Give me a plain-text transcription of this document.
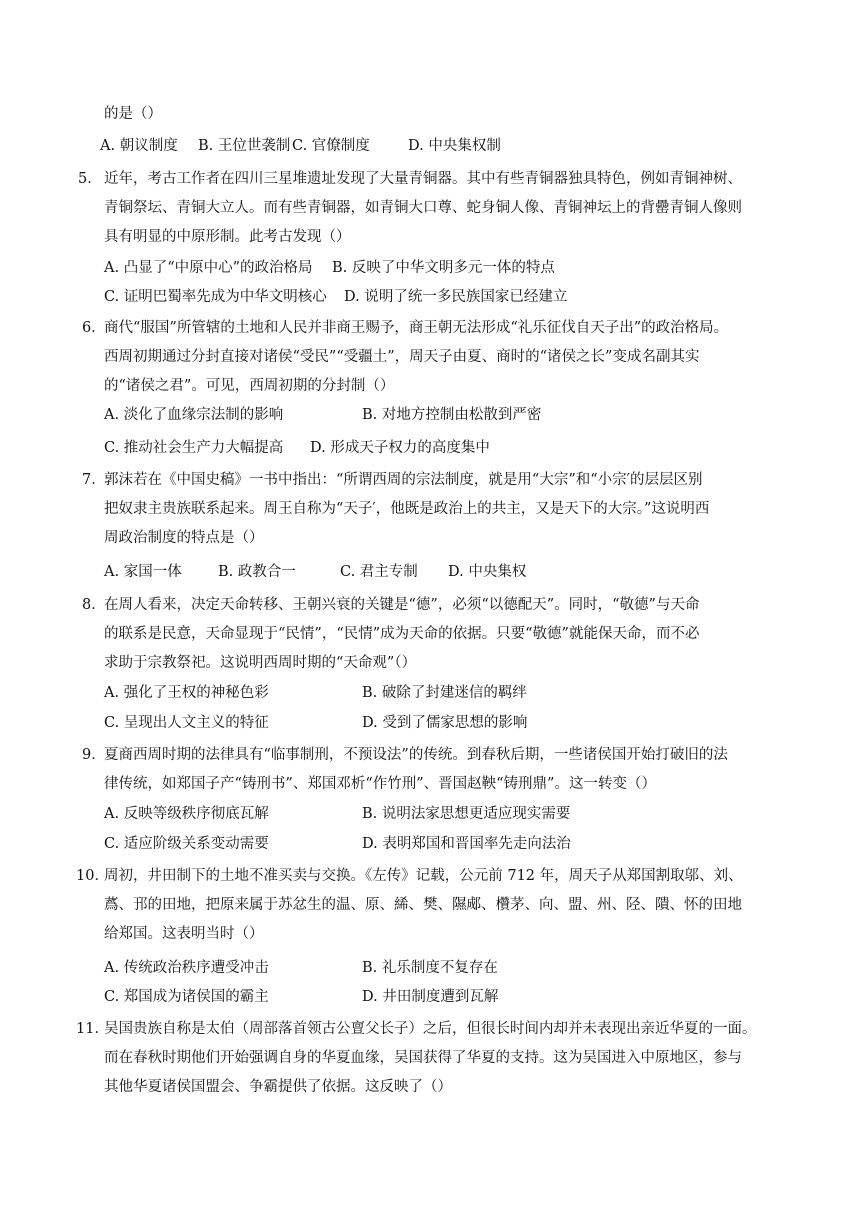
的是（）
A. 朝议制度 B. 王位世袭制 C. 官僚制度	D. 中央集权制
5． 近年，考古工作者在四川三星堆遗址发现了大量青铜器。其中有些青铜器独具特色，例如青铜神树、
青铜祭坛、青铜大立人。而有些青铜器，如青铜大口尊、蛇身铜人像、青铜神坛上的背罍青铜人像则
具有明显的中原形制。此考古发现（）
A. 凸显了“中原中心”的政治格局 B. 反映了中华文明多元一体的特点
C. 证明巴蜀率先成为中华文明核心 D. 说明了统一多民族国家已经建立
6．
商代“服国”所管辖的土地和人民并非商王赐予，商王朝无法形成“礼乐征伐自天子出”的政治格局。
西周初期通过分封直接对诸侯“受民”“受疆土”，周天子由夏、商时的“诸侯之长”变成名副其实
的“诸侯之君”。可见，西周初期的分封制（）
A. 淡化了血缘宗法制的影响	B. 对地方控制由松散到严密
C. 推动社会生产力大幅提高 D. 形成天子权力的高度集中
7．
郭沫若在《中国史稿》一书中指出：“所谓西周的宗法制度，就是用“大宗”和“小宗′的层层区别
把奴隶主贵族联系起来。周王自称为“天子′，他既是政治上的共主，又是天下的大宗。”这说明西
周政治制度的特点是（）
A. 家国一体	B. 政教合一	C. 君主专制 D. 中央集权
8．
在周人看来，决定天命转移、王朝兴衰的关键是“德”，必须“以德配天”。同时，“敬德”与天命
的联系是民意，天命显现于“民情”，“民情”成为天命的依据。只要“敬德”就能保天命，而不必
求助于宗教祭祀。这说明西周时期的“天命观”（）
A. 强化了王权的神秘色彩	B. 破除了封建迷信的羁绊
C. 呈现出人文主义的特征	D. 受到了儒家思想的影响
9．
夏商西周时期的法律具有“临事制刑，不预设法”的传统。到春秋后期，一些诸侯国开始打破旧的法
律传统，如郑国子产“铸刑书”、郑国邓析“作竹刑”、晋国赵鞅“铸刑鼎”。这一转变（）
A. 反映等级秩序彻底瓦解	B. 说明法家思想更适应现实需要
C. 适应阶级关系变动需要	D. 表明郑国和晋国率先走向法治
10．
周初，井田制下的土地不准买卖与交换。《左传》记载，公元前 712 年，周天子从郑国割取邬、刘、
蔿、邘的田地，把原来属于苏忿生的温、原、絺、樊、隰郕、欑茅、向、盟、州、陉、隤、怀的田地
给郑国。这表明当时（）
A. 传统政治秩序遭受冲击	B. 礼乐制度不复存在
C. 郑国成为诸侯国的霸主	D. 井田制度遭到瓦解
11．
吴国贵族自称是太伯（周部落首领古公亶父长子）之后，但很长时间内却并未表现出亲近华夏的一面。
而在春秋时期他们开始强调自身的华夏血缘，吴国获得了华夏的支持。这为吴国进入中原地区，参与
其他华夏诸侯国盟会、争霸提供了依据。这反映了（）
